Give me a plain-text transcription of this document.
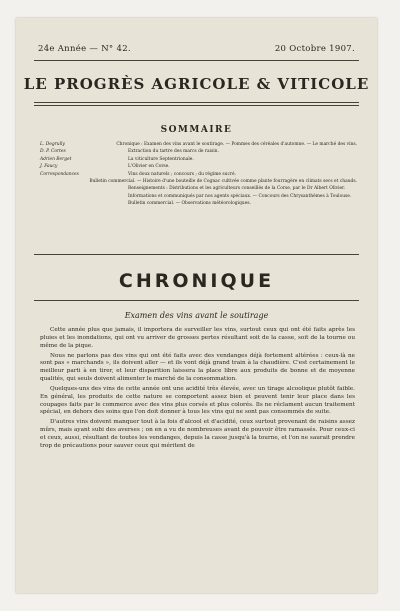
24e Année — N° 42.	20 Octobre 1907.
LE PROGRÈS AGRICOLE & VITICOLE
SOMMAIRE
L. Degrully	Chronique : Examen des vins avant le soutirage. — Pommes des céréales d'automne. — Le marché des vins.
D. P. Cortes	Extraction du tartre des marcs de raisin.
Adrien Berget	La viticulture Septentrionale.
J. Faucy	L'Olivier en Corse.
Correspondances	Vins doux naturels ; concours ; du régime sucré.
Bulletin commercial. — Histoire d'une bouteille de Cognac cultivée comme plante fourragère en climats secs et chauds.
Renseignements : Distributions et les agriculteurs conseillés de la Corse, par le Dr Albert Olivier.
Informations et communiqués par nos agents spéciaux. — Concours des Chrysanthèmes à Toulouse.
Bulletin commercial. — Observations météorologiques.
CHRONIQUE
Examen des vins avant le soutirage

Cette année plus que jamais, il importera de surveiller les vins, surtout ceux qui ont été faits après les pluies et les inondations, qui ont vu arriver de grosses pertes résultant soit de la casse, soit de la tourne ou même de la pique.

Nous ne parlons pas des vins qui ont été faits avec des vendanges déjà fortement altérées : ceux-là ne sont pas « marchands », ils doivent aller — et ils vont déjà grand train à la chaudière. C'est certainement le meilleur parti à en tirer, et leur disparition laissera la place libre aux produits de bonne et de moyenne qualités, qui seuls doivent alimenter le marché de la consommation.

Quelques-uns des vins de cette année ont une acidité très élevée, avec un tirage alcoolique plutôt faible. En général, les produits de cette nature se comportent assez bien et peuvent tenir leur place dans les coupages faits par le commerce avec des vins plus corsés et plus colorés. Ils ne réclament aucun traitement spécial, en dehors des soins que l'on doit donner à tous les vins qui ne sont pas consommés de suite.

D'autres vins doivent manquer tout à la fois d'alcool et d'acidité, ceux surtout provenant de raisins assez mûrs, mais ayant subi des averses ; on en a vu de nombreuses avant de pouvoir être ramassés. Pour ceux-ci et ceux, aussi, résultant de toutes les vendanges, depuis la casse jusqu'à la tourne, et l'on ne saurait prendre trop de précautions pour sauver ceux qui méritent de
